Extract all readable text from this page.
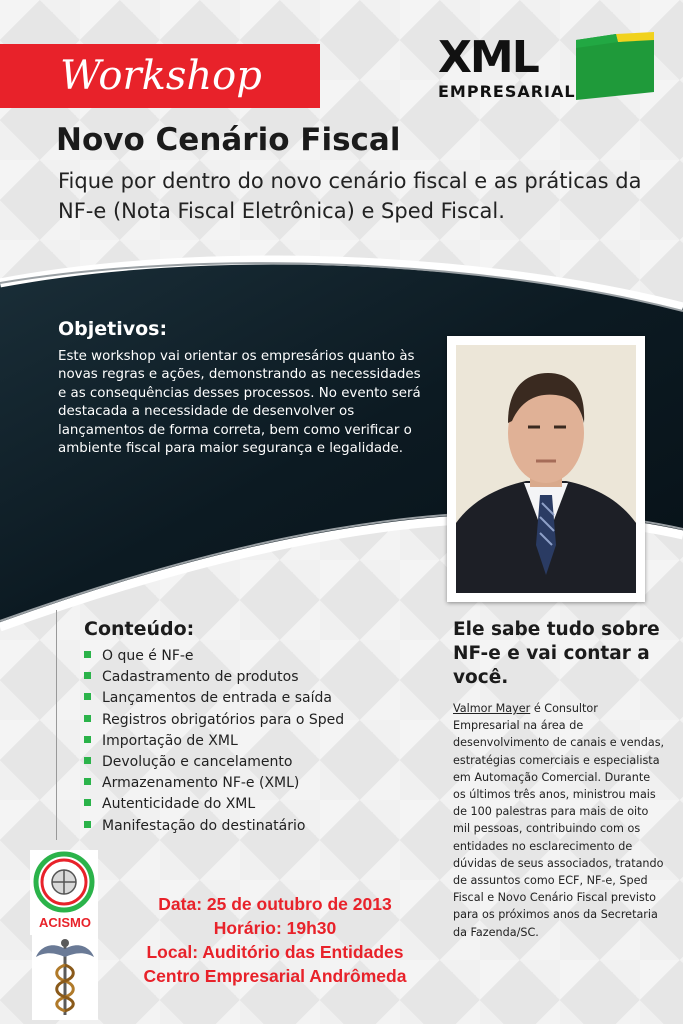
Workshop	XML
EMPRESARIAL
Novo Cenário Fiscal
Fique por dentro do novo cenário fiscal e as práticas da NF-e (Nota Fiscal Eletrônica) e Sped Fiscal.
Objetivos:
Este workshop vai orientar os empresários quanto às novas regras e ações, demonstrando as necessidades e as consequências desses processos. No evento será destacada a necessidade de desenvolver os lançamentos de forma correta, bem como verificar o ambiente fiscal para maior segurança e legalidade.
Conteúdo:
O que é NF-e
Cadastramento de produtos
Lançamentos de entrada e saída
Registros obrigatórios para o Sped
Importação de XML
Devolução e cancelamento
Armazenamento NF-e (XML)
Autenticidade do XML
Manifestação do destinatário
Ele sabe tudo sobre NF-e e vai contar a você.
Valmor Mayer é Consultor Empresarial na área de desenvolvimento de canais e vendas, estratégias comerciais e especialista em Automação Comercial. Durante os últimos três anos, ministrou mais de 100 palestras para mais de oito mil pessoas, contribuindo com os entidades no esclarecimento de dúvidas de seus associados, tratando de assuntos como ECF, NF-e, Sped Fiscal e Novo Cenário Fiscal previsto para os próximos anos da Secretaria da Fazenda/SC.
ACISMO
Data: 25 de outubro de 2013
Horário: 19h30
Local: Auditório das Entidades
Centro Empresarial Andrômeda
